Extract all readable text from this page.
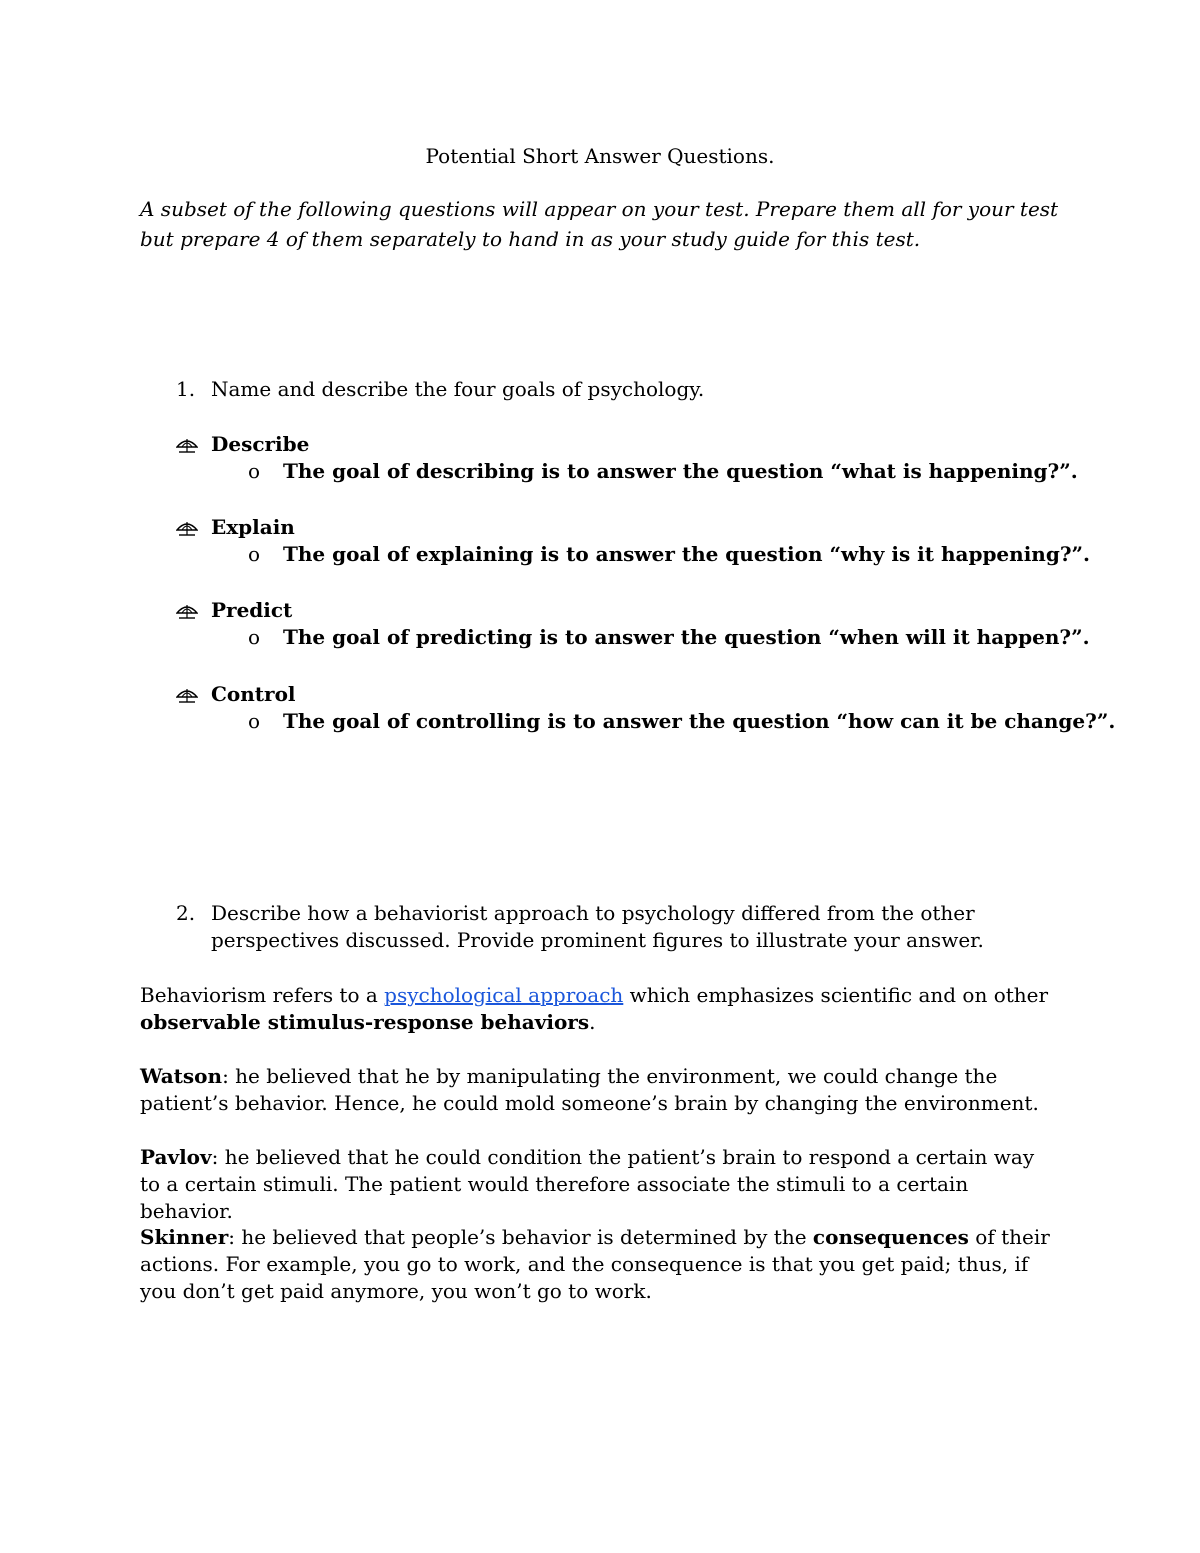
Potential Short Answer Questions.
A subset of the following questions will appear on your test. Prepare them all for your test but prepare 4 of them separately to hand in as your study guide for this test.
1. Name and describe the four goals of psychology.
Describe
o The goal of describing is to answer the question “what is happening?”.
Explain
o The goal of explaining is to answer the question “why is it happening?”.
Predict
o The goal of predicting is to answer the question “when will it happen?”.
Control
o The goal of controlling is to answer the question “how can it be change?”.
2. Describe how a behaviorist approach to psychology differed from the other perspectives discussed. Provide prominent figures to illustrate your answer.
Behaviorism refers to a psychological approach which emphasizes scientific and on other observable stimulus-response behaviors.
Watson: he believed that he by manipulating the environment, we could change the patient’s behavior. Hence, he could mold someone’s brain by changing the environment.
Pavlov: he believed that he could condition the patient’s brain to respond a certain way to a certain stimuli. The patient would therefore associate the stimuli to a certain behavior.
Skinner: he believed that people’s behavior is determined by the consequences of their actions. For example, you go to work, and the consequence is that you get paid; thus, if you don’t get paid anymore, you won’t go to work.
